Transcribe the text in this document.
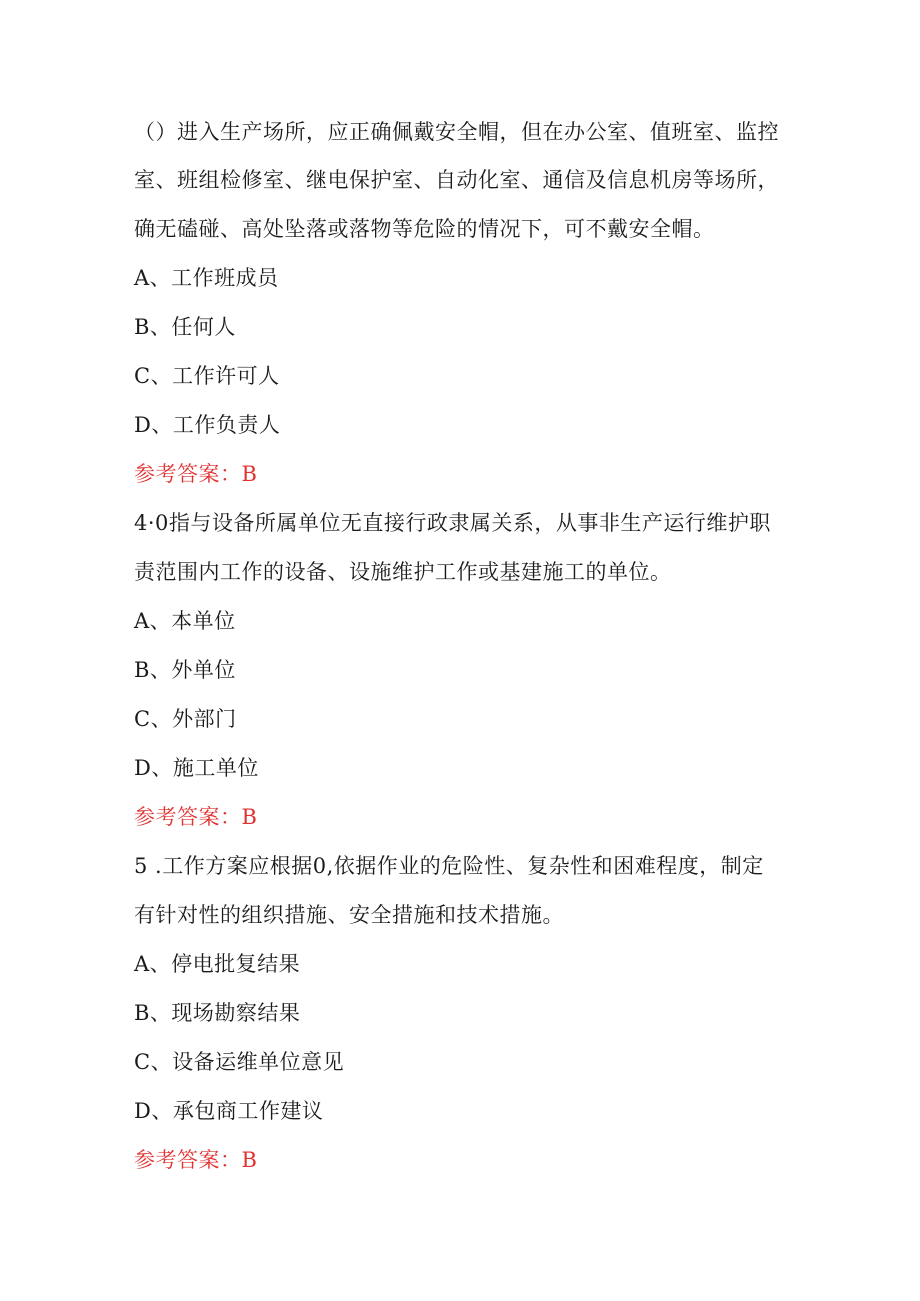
（）进入生产场所，应正确佩戴安全帽，但在办公室、值班室、监控
室、班组检修室、继电保护室、自动化室、通信及信息机房等场所，
确无磕碰、高处坠落或落物等危险的情况下，可不戴安全帽。
A、工作班成员
B、任何人
C、工作许可人
D、工作负责人
参考答案：B
4·0指与设备所属单位无直接行政隶属关系，从事非生产运行维护职
责范围内工作的设备、设施维护工作或基建施工的单位。
A、本单位
B、外单位
C、外部门
D、施工单位
参考答案：B
5 .工作方案应根据0,依据作业的危险性、复杂性和困难程度，制定
有针对性的组织措施、安全措施和技术措施。
A、停电批复结果
B、现场勘察结果
C、设备运维单位意见
D、承包商工作建议
参考答案：B
